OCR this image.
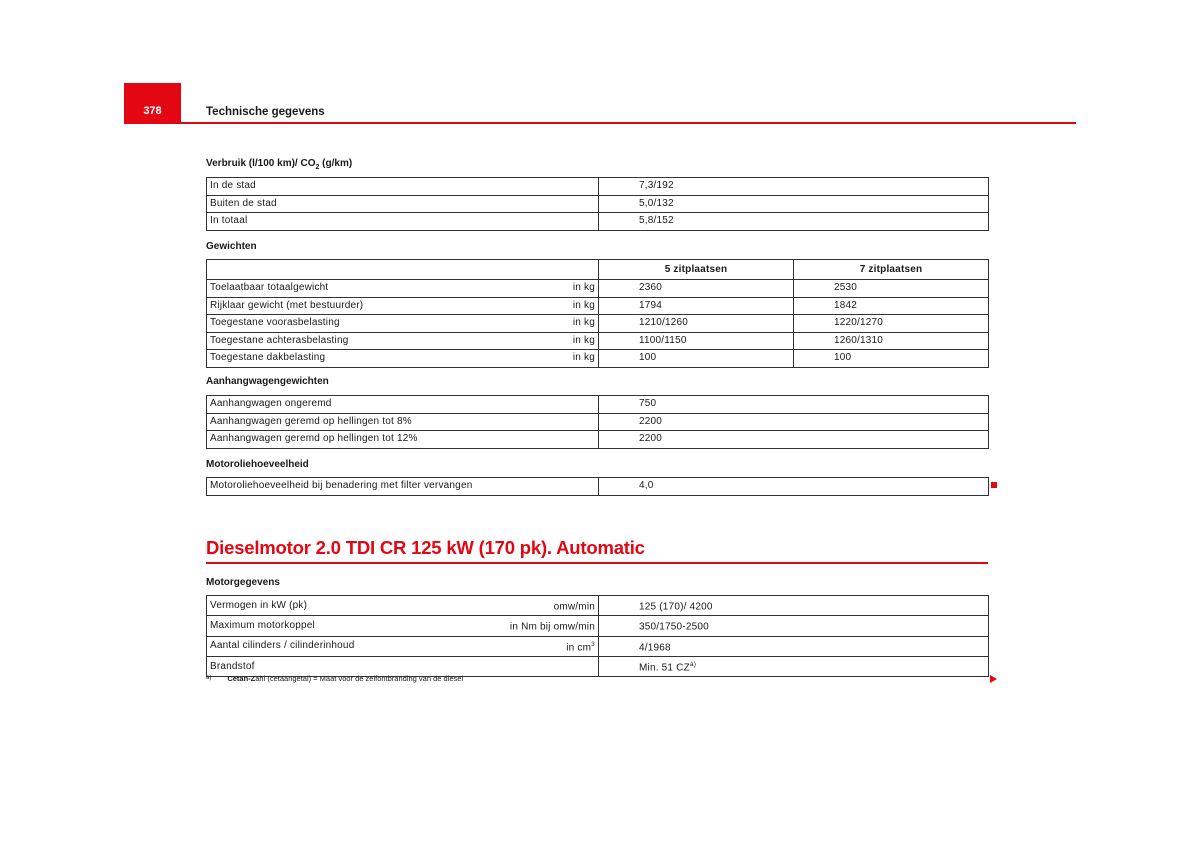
378	Technische gegevens
Verbruik (l/100 km)/ $CO_2$ (g/km)
In de stad	7,3/192
Buiten de stad	5,0/132
In totaal	5,8/152
Gewichten
		5 zitplaatsen	7 zitplaatsen
Toelaatbaar totaalgewicht	in kg	2360	2530
Rijklaar gewicht (met bestuurder)	in kg	1794	1842
Toegestane voorasbelasting	in kg	1210/1260	1220/1270
Toegestane achterasbelasting	in kg	1100/1150	1260/1310
Toegestane dakbelasting	in kg	100	100
Aanhangwagengewichten
Aanhangwagen ongeremd	750
Aanhangwagen geremd op hellingen tot 8%	2200
Aanhangwagen geremd op hellingen tot 12%	2200
Motoroliehoeveelheid
Motoroliehoeveelheid bij benadering met filter vervangen	4,0
Dieselmotor 2.0 TDI CR 125 kW (170 pk). Automatic
Motorgegevens
Vermogen in kW (pk)	omw/min	125 (170)/ 4200
Maximum motorkoppel	in Nm bij omw/min	350/1750-2500
Aantal cilinders / cilinderinhoud	in $cm^3$	4/1968
Brandstof		Min. 51 CZ$^{a)}$
$^{a)}$ Cetan-Zahl (cetaangetal) = Maat voor de zelfontbranding van de diesel
